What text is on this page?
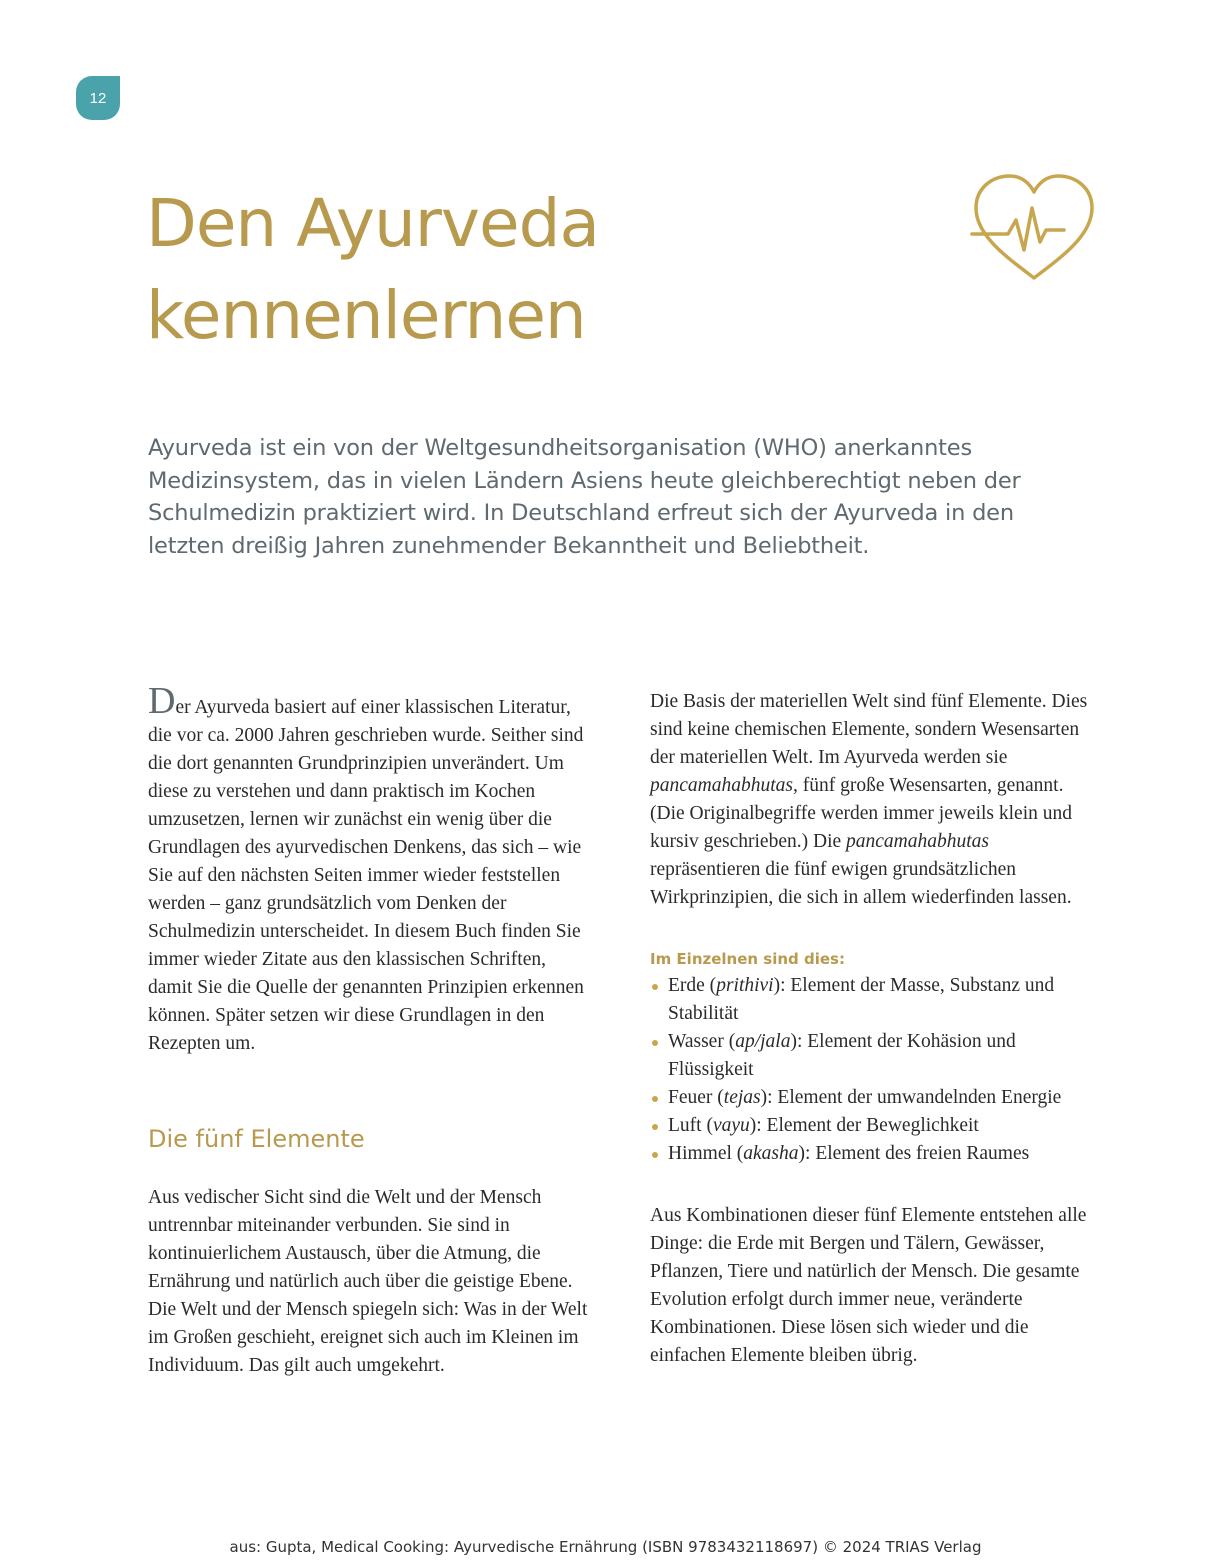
12
Den Ayurveda
kennenlernen

Ayurveda ist ein von der Weltgesundheitsorganisation (WHO) anerkanntes Medizinsystem, das in vielen Ländern Asiens heute gleichberechtigt neben der Schulmedizin praktiziert wird. In Deutschland erfreut sich der Ayurveda in den letzten dreißig Jahren zunehmender Bekanntheit und Beliebtheit.

Der Ayurveda basiert auf einer klassischen Literatur, die vor ca. 2000 Jahren geschrieben wurde. Seither sind die dort genannten Grundprinzipien unverändert. Um diese zu verstehen und dann praktisch im Kochen umzusetzen, lernen wir zunächst ein wenig über die Grundlagen des ayurvedischen Denkens, das sich – wie Sie auf den nächsten Seiten immer wieder feststellen werden – ganz grundsätzlich vom Denken der Schulmedizin unterscheidet. In diesem Buch finden Sie immer wieder Zitate aus den klassischen Schriften, damit Sie die Quelle der genannten Prinzipien erkennen können. Später setzen wir diese Grundlagen in den Rezepten um.

Die fünf Elemente

Aus vedischer Sicht sind die Welt und der Mensch untrennbar miteinander verbunden. Sie sind in kontinuierlichem Austausch, über die Atmung, die Ernährung und natürlich auch über die geistige Ebene. Die Welt und der Mensch spiegeln sich: Was in der Welt im Großen geschieht, ereignet sich auch im Kleinen im Individuum. Das gilt auch umgekehrt.

Die Basis der materiellen Welt sind fünf Elemente. Dies sind keine chemischen Elemente, sondern Wesensarten der materiellen Welt. Im Ayurveda werden sie pancamahabhutas, fünf große Wesensarten, genannt. (Die Originalbegriffe werden immer jeweils klein und kursiv geschrieben.) Die pancamahabhutas repräsentieren die fünf ewigen grundsätzlichen Wirkprinzipien, die sich in allem wiederfinden lassen.

Im Einzelnen sind dies:
Erde (prithivi): Element der Masse, Substanz und Stabilität
Wasser (ap/jala): Element der Kohäsion und Flüssigkeit
Feuer (tejas): Element der umwandelnden Energie
Luft (vayu): Element der Beweglichkeit
Himmel (akasha): Element des freien Raumes

Aus Kombinationen dieser fünf Elemente entstehen alle Dinge: die Erde mit Bergen und Tälern, Gewässer, Pflanzen, Tiere und natürlich der Mensch. Die gesamte Evolution erfolgt durch immer neue, veränderte Kombinationen. Diese lösen sich wieder und die einfachen Elemente bleiben übrig.

aus: Gupta, Medical Cooking: Ayurvedische Ernährung (ISBN 9783432118697) © 2024 TRIAS Verlag
